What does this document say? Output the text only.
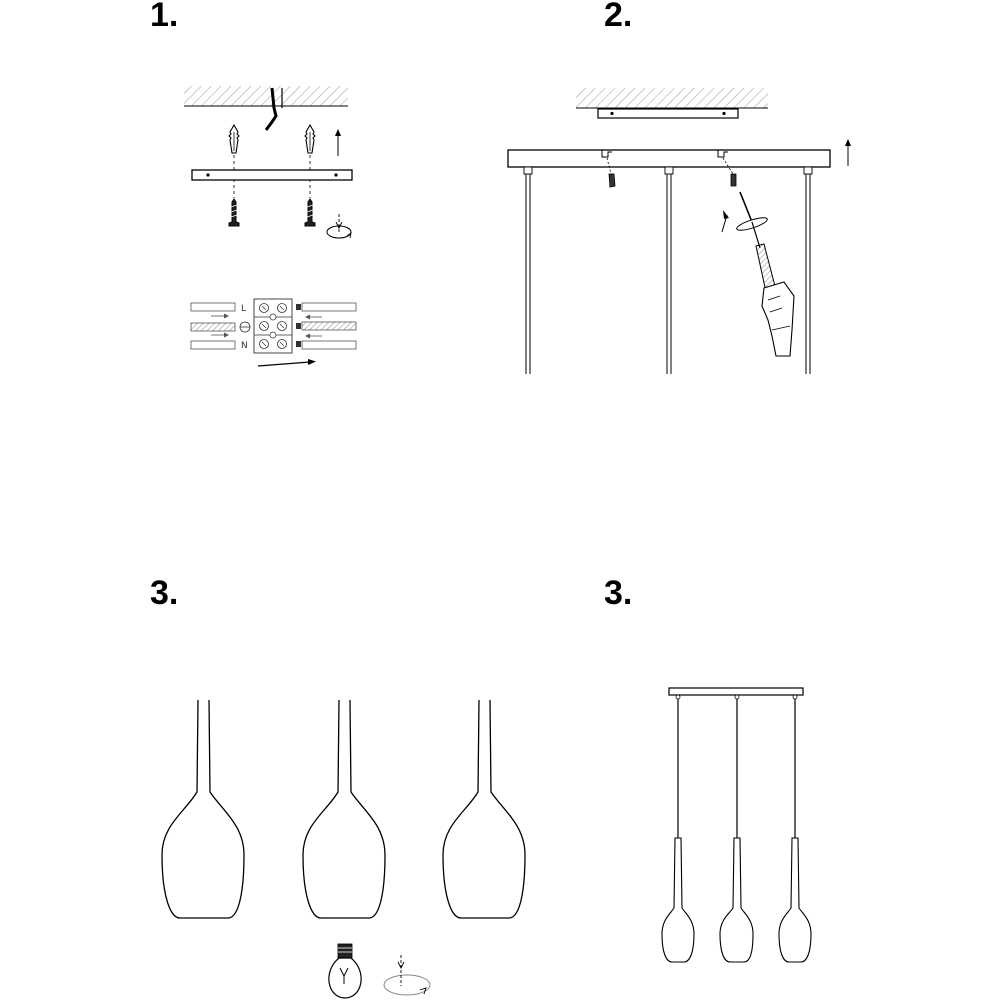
1.	2.
3.	3.
L
N
